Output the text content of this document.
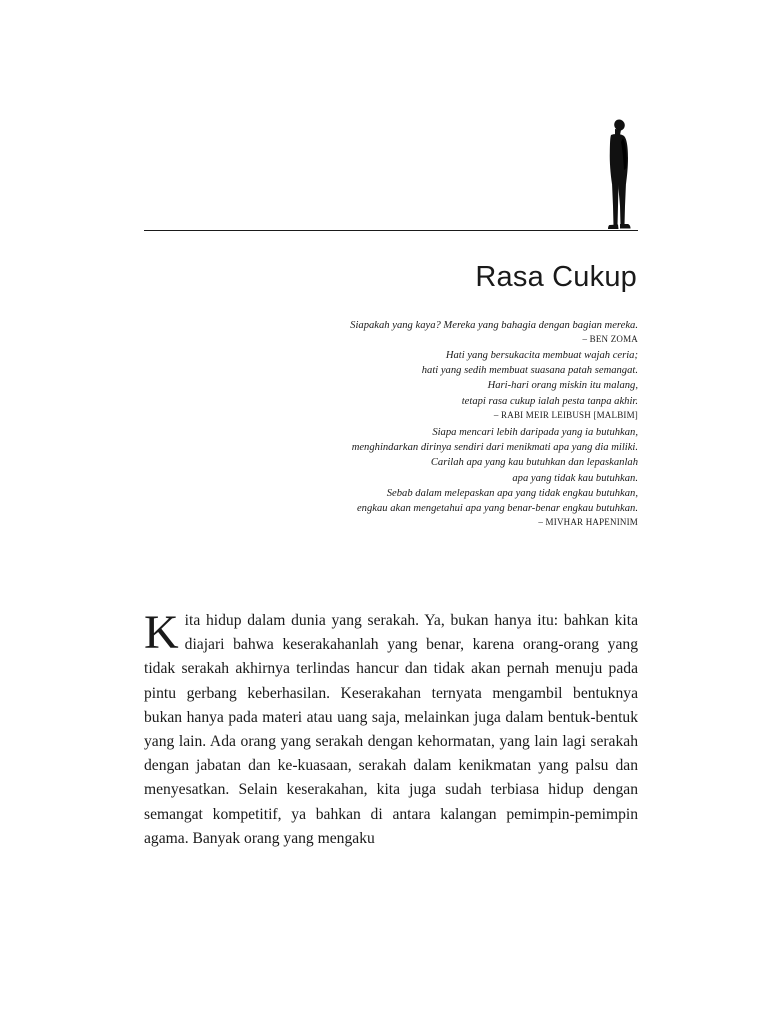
Rasa Cukup
Siapakah yang kaya? Mereka yang bahagia dengan bagian mereka.
– BEN ZOMA
Hati yang bersukacita membuat wajah ceria;
hati yang sedih membuat suasana patah semangat.
Hari-hari orang miskin itu malang,
tetapi rasa cukup ialah pesta tanpa akhir.
– RABI MEIR LEIBUSH [MALBIM]
Siapa mencari lebih daripada yang ia butuhkan,
menghindarkan dirinya sendiri dari menikmati apa yang dia miliki.
Carilah apa yang kau butuhkan dan lepaskanlah
apa yang tidak kau butuhkan.
Sebab dalam melepaskan apa yang tidak engkau butuhkan,
engkau akan mengetahui apa yang benar-benar engkau butuhkan.
– MIVHAR HAPENINIM

Kita hidup dalam dunia yang serakah. Ya, bukan hanya itu: bahkan kita diajari bahwa keserakahanlah yang benar, karena orang-orang yang tidak serakah akhirnya terlindas hancur dan tidak akan pernah menuju pada pintu gerbang keberhasilan. Keserakahan ternyata mengambil bentuknya bukan hanya pada materi atau uang saja, melainkan juga dalam bentuk-bentuk yang lain. Ada orang yang serakah dengan kehormatan, yang lain lagi serakah dengan jabatan dan ke-kuasaan, serakah dalam kenikmatan yang palsu dan menyesatkan. Selain keserakahan, kita juga sudah terbiasa hidup dengan semangat kompetitif, ya bahkan di antara kalangan pemimpin-pemimpin agama. Banyak orang yang mengaku
